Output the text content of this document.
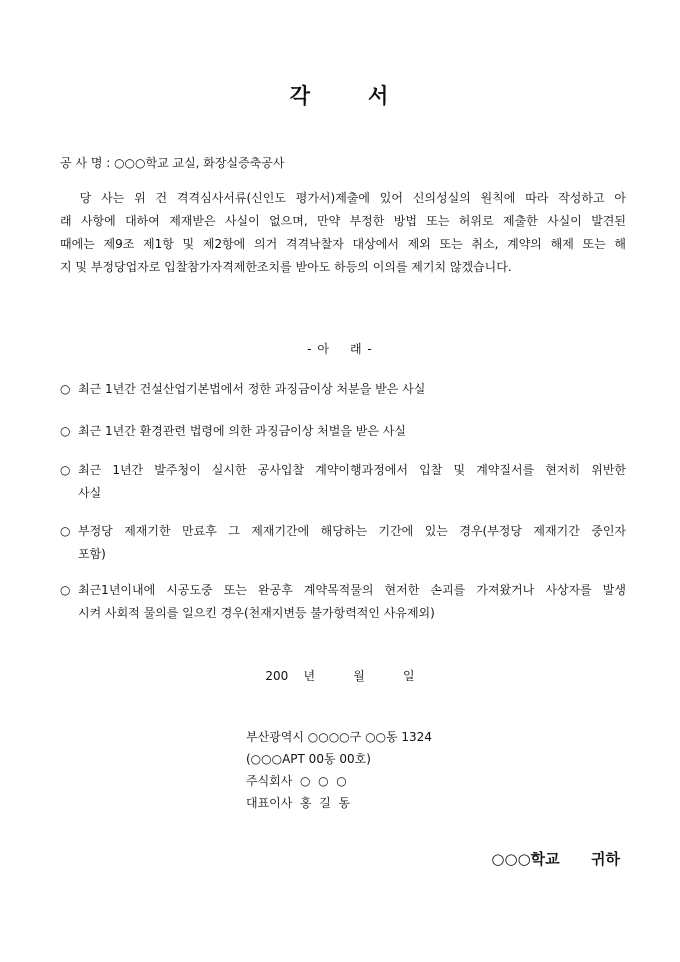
각	서
공 사 명 : ○○○학교 교실, 화장실증축공사
당 사는 위 건 격격심사서류(신인도 평가서)제출에 있어 신의성실의 원칙에 따라 작성하고 아
래 사항에 대하여 제재받은 사실이 없으며, 만약 부정한 방법 또는 허위로 제출한 사실이 발견된
때에는 제9조 제1항 및 제2항에 의거 격격낙찰자 대상에서 제외 또는 취소, 계약의 해제 또는 해
지 및 부정당업자로 입찰참가자격제한조치를 받아도 하등의 이의를 제기치 않겠습니다.
- 아 래 -
○ 최근 1년간 건설산업기본법에서 정한 과징금이상 처분을 받은 사실
○ 최근 1년간 환경관련 법령에 의한 과징금이상 처벌을 받은 사실
○ 최근 1년간 발주청이 실시한 공사입찰 계약이행과정에서 입찰 및 계약질서를 현저히 위반한
사실
○ 부정당 제재기한 만료후 그 제재기간에 해당하는 기간에 있는 경우(부정당 제재기간 중인자
포함)
○ 최근1년이내에 시공도중 또는 완공후 계약목적물의 현저한 손괴를 가져왔거나 사상자를 발생
시켜 사회적 물의를 일으킨 경우(천재지변등 불가항력적인 사유제외)
200 년	월	일
부산광역시 ○○○○구 ○○동 1324
(○○○APT 00동 00호)
주식회사  ○  ○  ○
대표이사  홍  길  동
○○○학교 귀하
